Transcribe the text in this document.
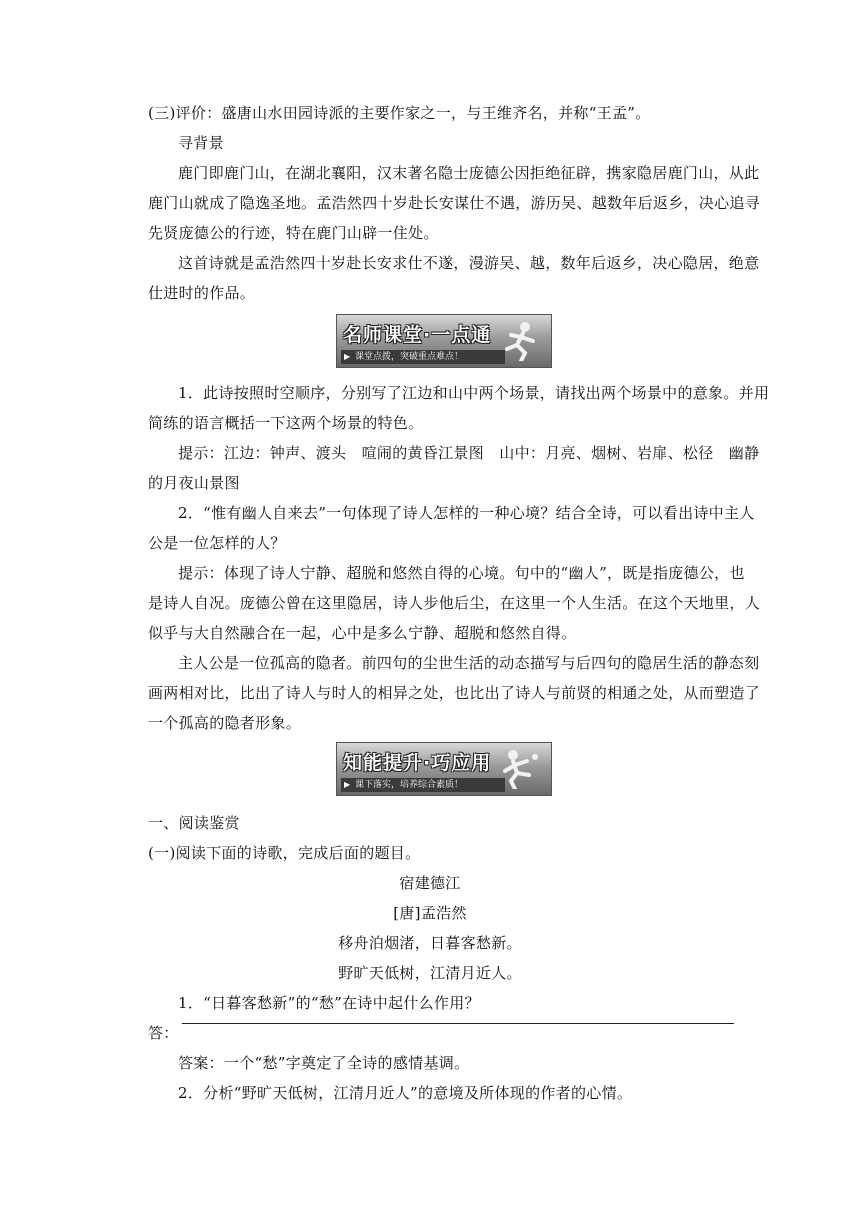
(三)评价：盛唐山水田园诗派的主要作家之一，与王维齐名，并称“王孟”。
寻背景
鹿门即鹿门山，在湖北襄阳，汉末著名隐士庞德公因拒绝征辟，携家隐居鹿门山，从此
鹿门山就成了隐逸圣地。孟浩然四十岁赴长安谋仕不遇，游历吴、越数年后返乡，决心追寻
先贤庞德公的行迹，特在鹿门山辟一住处。
这首诗就是孟浩然四十岁赴长安求仕不遂，漫游吴、越，数年后返乡，决心隐居，绝意
仕进时的作品。
名师课堂·一点通
▶ 课堂点拨，突破重点难点！
1．此诗按照时空顺序，分别写了江边和山中两个场景，请找出两个场景中的意象。并用
简练的语言概括一下这两个场景的特色。
提示：江边：钟声、渡头　喧闹的黄昏江景图　山中：月亮、烟树、岩扉、松径　幽静
的月夜山景图
2．“惟有幽人自来去”一句体现了诗人怎样的一种心境？结合全诗，可以看出诗中主人
公是一位怎样的人？
提示：体现了诗人宁静、超脱和悠然自得的心境。句中的“幽人”，既是指庞德公，也
是诗人自况。庞德公曾在这里隐居，诗人步他后尘，在这里一个人生活。在这个天地里，人
似乎与大自然融合在一起，心中是多么宁静、超脱和悠然自得。
主人公是一位孤高的隐者。前四句的尘世生活的动态描写与后四句的隐居生活的静态刻
画两相对比，比出了诗人与时人的相异之处，也比出了诗人与前贤的相通之处，从而塑造了
一个孤高的隐者形象。
知能提升·巧应用
▶ 课下落实，培养综合素质！
一、阅读鉴赏
(一)阅读下面的诗歌，完成后面的题目。
宿建德江
[唐]孟浩然
移舟泊烟渚，日暮客愁新。
野旷天低树，江清月近人。
1．“日暮客愁新”的“愁”在诗中起什么作用？
答：
答案：一个“愁”字奠定了全诗的感情基调。
2．分析“野旷天低树，江清月近人”的意境及所体现的作者的心情。
